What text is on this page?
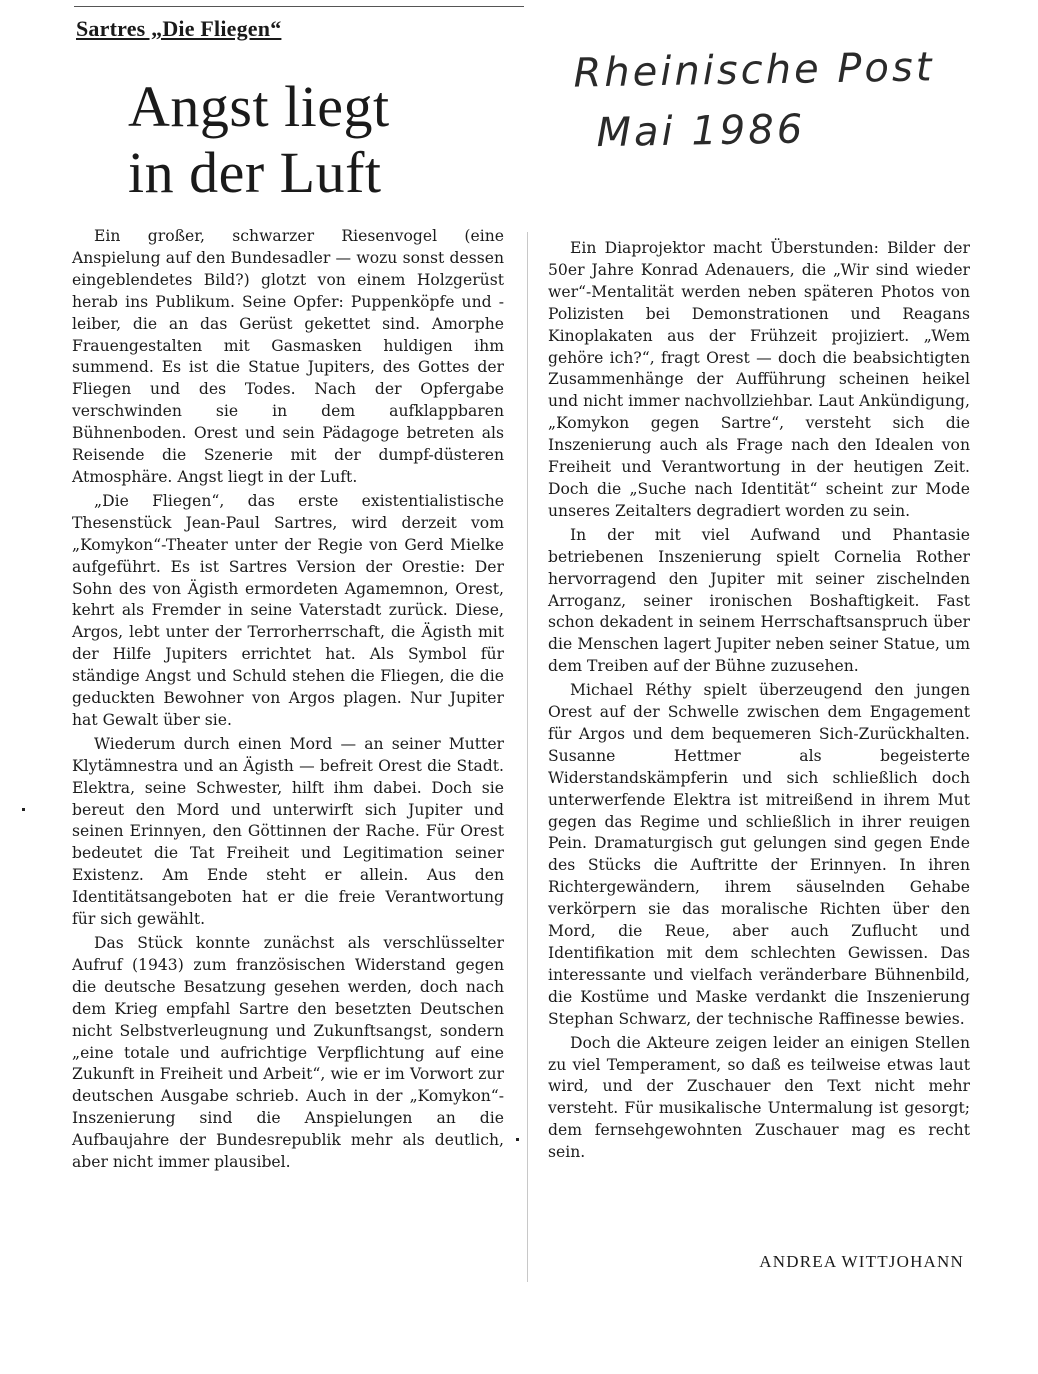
Sartres „Die Fliegen“
Angst liegt
in der Luft
Rheinische Post
Mai 1986

Ein großer, schwarzer Riesenvogel (eine Anspielung auf den Bundesadler — wozu sonst dessen eingeblendetes Bild?) glotzt von einem Holzgerüst herab ins Publikum. Seine Opfer: Puppenköpfe und -leiber, die an das Gerüst gekettet sind. Amorphe Frauengestalten mit Gasmasken huldigen ihm summend. Es ist die Statue Jupiters, des Gottes der Fliegen und des Todes. Nach der Opfergabe verschwinden sie in dem aufklappbaren Bühnenboden. Orest und sein Pädagoge betreten als Reisende die Szenerie mit der dumpf-düsteren Atmosphäre. Angst liegt in der Luft.

„Die Fliegen“, das erste existentialistische Thesenstück Jean-Paul Sartres, wird derzeit vom „Komykon“-Theater unter der Regie von Gerd Mielke aufgeführt. Es ist Sartres Version der Orestie: Der Sohn des von Ägisth ermordeten Agamemnon, Orest, kehrt als Fremder in seine Vaterstadt zurück. Diese, Argos, lebt unter der Terrorherrschaft, die Ägisth mit der Hilfe Jupiters errichtet hat. Als Symbol für ständige Angst und Schuld stehen die Fliegen, die die geduckten Bewohner von Argos plagen. Nur Jupiter hat Gewalt über sie.

Wiederum durch einen Mord — an seiner Mutter Klytämnestra und an Ägisth — befreit Orest die Stadt. Elektra, seine Schwester, hilft ihm dabei. Doch sie bereut den Mord und unterwirft sich Jupiter und seinen Erinnyen, den Göttinnen der Rache. Für Orest bedeutet die Tat Freiheit und Legitimation seiner Existenz. Am Ende steht er allein. Aus den Identitätsangeboten hat er die freie Verantwortung für sich gewählt.

Das Stück konnte zunächst als verschlüsselter Aufruf (1943) zum französischen Widerstand gegen die deutsche Besatzung gesehen werden, doch nach dem Krieg empfahl Sartre den besetzten Deutschen nicht Selbstverleugnung und Zukunftsangst, sondern „eine totale und aufrichtige Verpflichtung auf eine Zukunft in Freiheit und Arbeit“, wie er im Vorwort zur deutschen Ausgabe schrieb. Auch in der „Komykon“-Inszenierung sind die Anspielungen an die Aufbaujahre der Bundesrepublik mehr als deutlich, aber nicht immer plausibel.

Ein Diaprojektor macht Überstunden: Bilder der 50er Jahre Konrad Adenauers, die „Wir sind wieder wer“-Mentalität werden neben späteren Photos von Polizisten bei Demonstrationen und Reagans Kinoplakaten aus der Frühzeit projiziert. „Wem gehöre ich?“, fragt Orest — doch die beabsichtigten Zusammenhänge der Aufführung scheinen heikel und nicht immer nachvollziehbar. Laut Ankündigung, „Komykon gegen Sartre“, versteht sich die Inszenierung auch als Frage nach den Idealen von Freiheit und Verantwortung in der heutigen Zeit. Doch die „Suche nach Identität“ scheint zur Mode unseres Zeitalters degradiert worden zu sein.

In der mit viel Aufwand und Phantasie betriebenen Inszenierung spielt Cornelia Rother hervorragend den Jupiter mit seiner zischelnden Arroganz, seiner ironischen Boshaftigkeit. Fast schon dekadent in seinem Herrschaftsanspruch über die Menschen lagert Jupiter neben seiner Statue, um dem Treiben auf der Bühne zuzusehen.

Michael Réthy spielt überzeugend den jungen Orest auf der Schwelle zwischen dem Engagement für Argos und dem bequemeren Sich-Zurückhalten. Susanne Hettmer als begeisterte Widerstandskämpferin und sich schließlich doch unterwerfende Elektra ist mitreißend in ihrem Mut gegen das Regime und schließlich in ihrer reuigen Pein. Dramaturgisch gut gelungen sind gegen Ende des Stücks die Auftritte der Erinnyen. In ihren Richtergewändern, ihrem säuselnden Gehabe verkörpern sie das moralische Richten über den Mord, die Reue, aber auch Zuflucht und Identifikation mit dem schlechten Gewissen. Das interessante und vielfach veränderbare Bühnenbild, die Kostüme und Maske verdankt die Inszenierung Stephan Schwarz, der technische Raffinesse bewies.

Doch die Akteure zeigen leider an einigen Stellen zu viel Temperament, so daß es teilweise etwas laut wird, und der Zuschauer den Text nicht mehr versteht. Für musikalische Untermalung ist gesorgt; dem fernsehgewohnten Zuschauer mag es recht sein.

ANDREA WITTJOHANN
